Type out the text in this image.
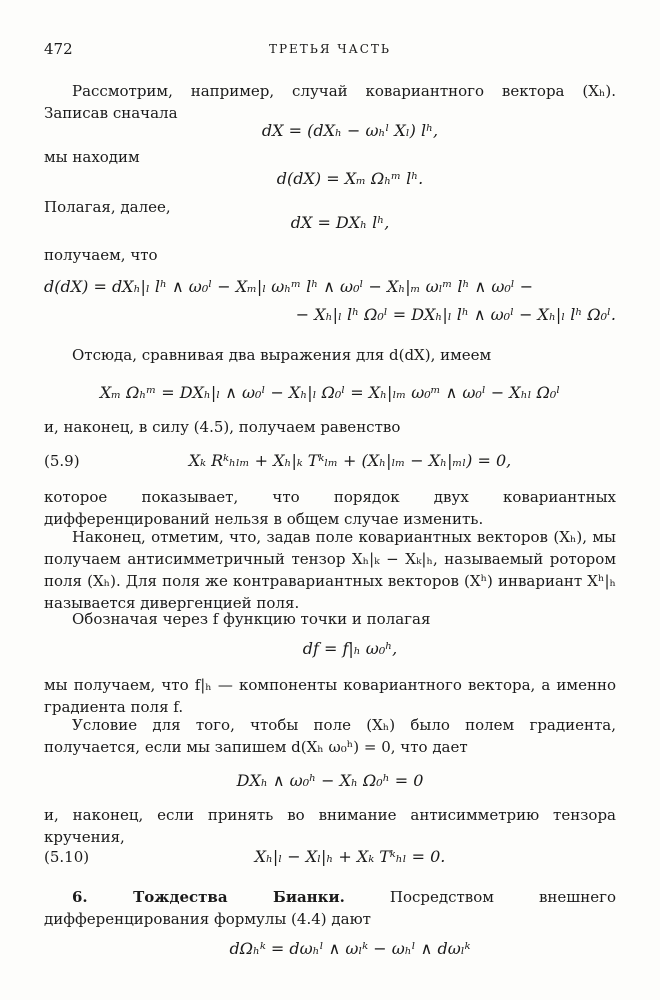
472	ТРЕТЬЯ ЧАСТЬ
Рассмотрим, например, случай ковариантного вектора (Xₕ). Записав сначала
dX = (dXₕ − ωₕˡ Xₗ) lʰ,
мы находим
d(dX) = Xₘ Ωₕᵐ lʰ.
Полагая, далее,
dX = DXₕ lʰ,
получаем, что
d(dX) = dXₕ|ₗ lʰ ∧ ω₀ˡ − Xₘ|ₗ ωₕᵐ lʰ ∧ ω₀ˡ − Xₕ|ₘ ωₗᵐ lʰ ∧ ω₀ˡ −
− Xₕ|ₗ lʰ Ω₀ˡ = DXₕ|ₗ lʰ ∧ ω₀ˡ − Xₕ|ₗ lʰ Ω₀ˡ.
Отсюда, сравнивая два выражения для d(dX), имеем
Xₘ Ωₕᵐ = DXₕ|ₗ ∧ ω₀ˡ − Xₕ|ₗ Ω₀ˡ = Xₕ|ₗₘ ω₀ᵐ ∧ ω₀ˡ − Xₕₗ Ω₀ˡ
и, наконец, в силу (4.5), получаем равенство
(5.9)	Xₖ Rᵏₕₗₘ + Xₕ|ₖ Tᵏₗₘ + (Xₕ|ₗₘ − Xₕ|ₘₗ) = 0,
которое показывает, что порядок двух ковариантных дифференцирований нельзя в общем случае изменить.
Наконец, отметим, что, задав поле ковариантных векторов (Xₕ), мы получаем антисимметричный тензор Xₕ|ₖ − Xₖ|ₕ, называемый ротором поля (Xₕ). Для поля же контравариантных векторов (Xʰ) инвариант Xʰ|ₕ называется дивергенцией поля.
Обозначая через f функцию точки и полагая
df = f|ₕ ω₀ʰ,
мы получаем, что f|ₕ — компоненты ковариантного вектора, а именно градиента поля f.
Условие для того, чтобы поле (Xₕ) было полем градиента, получается, если мы запишем d(Xₕ ω₀ʰ) = 0, что дает
DXₕ ∧ ω₀ʰ − Xₕ Ω₀ʰ = 0
и, наконец, если принять во внимание антисимметрию тензора кручения,
(5.10)	Xₕ|ₗ − Xₗ|ₕ + Xₖ Tᵏₕₗ = 0.
6. Тождества Бианки.	Посредством внешнего дифференцирования формулы (4.4) дают
dΩₕᵏ = dωₕˡ ∧ ωₗᵏ − ωₕˡ ∧ dωₗᵏ
